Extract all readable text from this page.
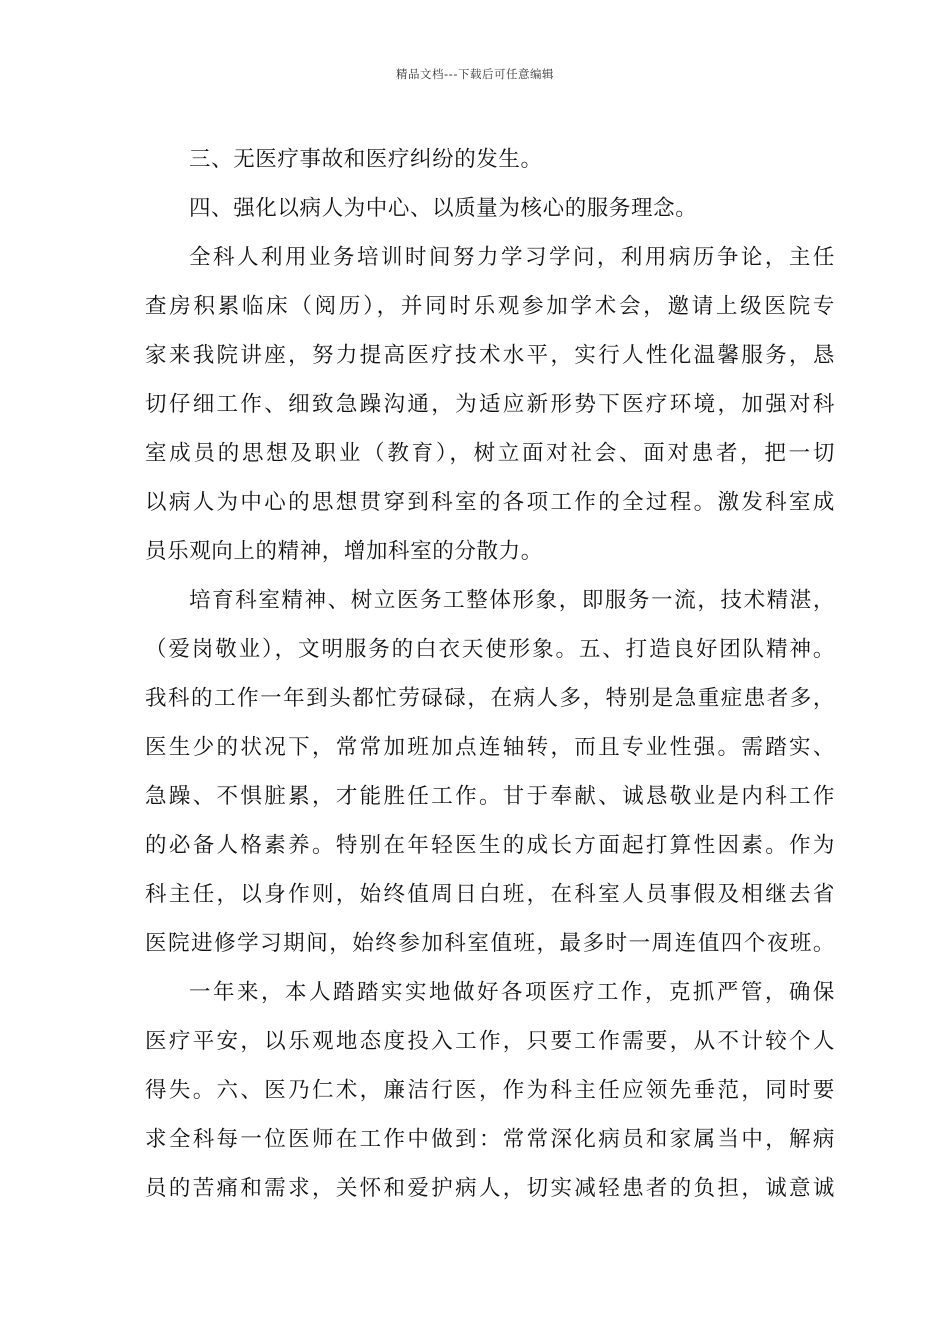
精品文档---下载后可任意编辑
三、无医疗事故和医疗纠纷的发生。
四、强化以病人为中心、以质量为核心的服务理念。
全科人利用业务培训时间努力学习学问，利用病历争论，主任
查房积累临床（阅历），并同时乐观参加学术会，邀请上级医院专
家来我院讲座，努力提高医疗技术水平，实行人性化温馨服务，恳
切仔细工作、细致急躁沟通，为适应新形势下医疗环境，加强对科
室成员的思想及职业（教育），树立面对社会、面对患者，把一切
以病人为中心的思想贯穿到科室的各项工作的全过程。激发科室成
员乐观向上的精神，增加科室的分散力。
培育科室精神、树立医务工整体形象，即服务一流，技术精湛，
（爱岗敬业），文明服务的白衣天使形象。五、打造良好团队精神。
我科的工作一年到头都忙劳碌碌，在病人多，特别是急重症患者多，
医生少的状况下，常常加班加点连轴转，而且专业性强。需踏实、
急躁、不惧脏累，才能胜任工作。甘于奉献、诚恳敬业是内科工作
的必备人格素养。特别在年轻医生的成长方面起打算性因素。作为
科主任，以身作则，始终值周日白班，在科室人员事假及相继去省
医院进修学习期间，始终参加科室值班，最多时一周连值四个夜班。
一年来，本人踏踏实实地做好各项医疗工作，克抓严管，确保
医疗平安，以乐观地态度投入工作，只要工作需要，从不计较个人
得失。六、医乃仁术，廉洁行医，作为科主任应领先垂范，同时要
求全科每一位医师在工作中做到：常常深化病员和家属当中，解病
员的苦痛和需求，关怀和爱护病人，切实减轻患者的负担，诚意诚
